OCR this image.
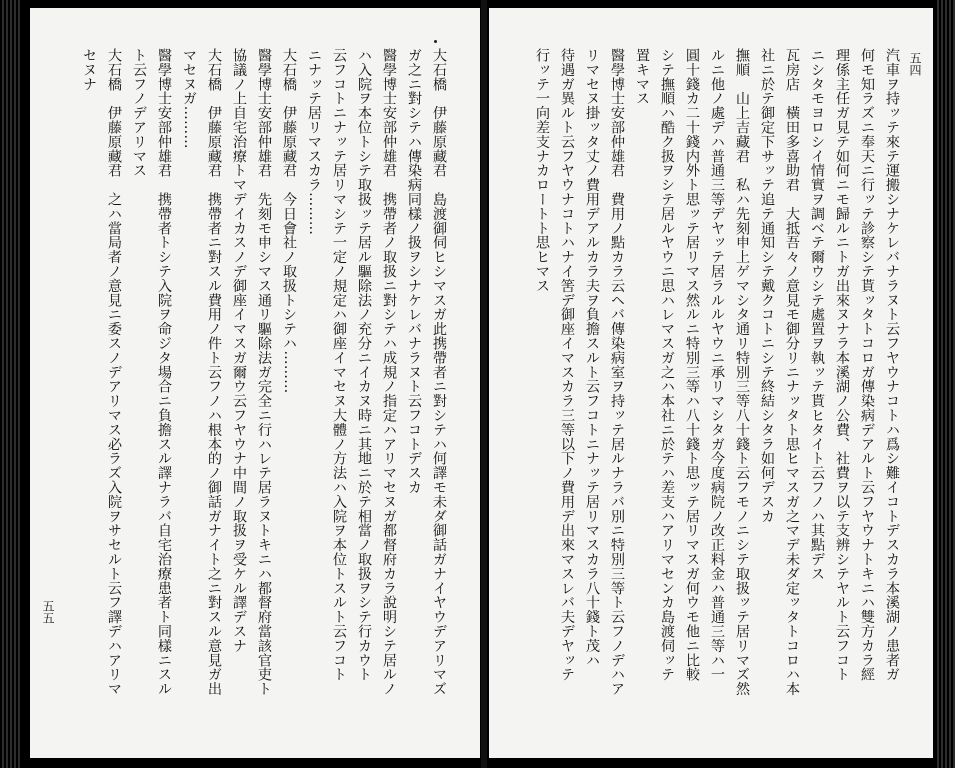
大石橋　伊藤原藏君　島渡御伺ヒシマスガ此携帶者ニ對シテハ何譯モ未ダ御話ガナイヤウデアリマズ
ガ之ニ對シテハ傳染病同樣ノ扱ヲシナケレバナラヌト云フコトデスカ
醫學博士安部仲雄君　携帶者ノ取扱ニ對シテハ成規ノ指定ハアリマセヌガ都督府カラ說明シテ居ルノ
ハ入院ヲ本位トシテ取扱ッテ居ル驅除法ノ充分ニイカヌ時ニ其地ニ於テ相當ノ取扱ヲシテ行カウト
云フコトニナッテ居リマシテ一定ノ規定ハ御座イマセヌ大體ノ方法ハ入院ヲ本位トスルト云フコト
ニナッテ居リマスカラ………
大石橋　伊藤原藏君　今日會社ノ取扱トシテハ………
醫學博士安部仲雄君　先刻モ申シマス通リ驅除法ガ完全ニ行ハレテ居ラヌトキニハ都督府當該官吏ト
協議ノ上自宅治療トマデイカスノデ御座イマスガ爾ウ云フヤウナ中間ノ取扱ヲ受ケル譯デスナ
大石橋　伊藤原藏君　携帶者ニ對スル費用ノ件ト云フノハ根本的ノ御話ガナイト之ニ對スル意見ガ出
マセヌガ………
醫學博士安部仲雄君　携帶者トシテ入院ヲ命ジタ場合ニ負擔スル譯ナラバ自宅治療患者ト同樣ニスル
ト云フノデアリマス
大石橋　伊藤原藏君　之ハ當局者ノ意見ニ委スノデアリマス必ラズ入院ヲサセルト云フ譯デハアリマ
セヌナ	汽車ヲ持ッテ來テ運搬シナケレバナラヌト云フヤウナコトハ爲シ難イコトデスカラ本溪湖ノ患者ガ
何モ知ラズニ奉天ニ行ッテ診察シテ貰ッタトコロガ傳染病デアルト云フヤウナトキニハ雙方カラ經
理係主任ガ見テ如何ニモ歸ルニトガ出來ヌナラ本溪湖ノ公費、社費ヲ以テ支辨シテヤルト云フコト
ニシタモヨロシイ情實ヲ調ベテ爾ウシテ處置ヲ執ッテ貰ヒタイト云フノハ其點デス
瓦房店　橫田多喜助君　大抵吾々ノ意見モ御分リニナッタト思ヒマスガ之マデ未ダ定ッタトコロハ本
社ニ於テ御定下サッテ追テ通知シテ戴クコトニシテ終結シタラ如何デスカ
撫順　山上吉藏君　私ハ先刻申上ゲマシタ通リ特別三等八十錢ト云フモノニシテ取扱ッテ居リマズ然
ルニ他ノ處デハ普通三等デヤッテ居ラルルヤウニ承リマシタガ今度病院ノ改正料金ハ普通三等ハ一
圓十錢カ二十錢内外ト思ッテ居リマス然ルニ特別三等ハ八十錢ト思ッテ居リマスガ何ウモ他ニ比較
シテ撫順ハ酷ク扱ヲシテ居ルヤウニ思ハレマスガ之ハ本社ニ於テハ差支ハアリマセンカ島渡伺ッテ
置キマス
醫學博士安部仲雄君　費用ノ點カラ云ヘバ傳染病室ヲ持ッテ居ルナラバ別ニ特別三等ト云フノデハア
リマセヌ掛ッタ丈ノ費用デアルカラ夫ヲ負擔スルト云フコトニナッテ居リマスカラ八十錢ト茂ハ
待遇ガ異ルト云フヤウナコトハナイ筈デ御座イマスカラ三等以下ノ費用デ出來マスレバ夫デヤッテ
行ッテ一向差支ナカロートト思ヒマス
五五
五四
